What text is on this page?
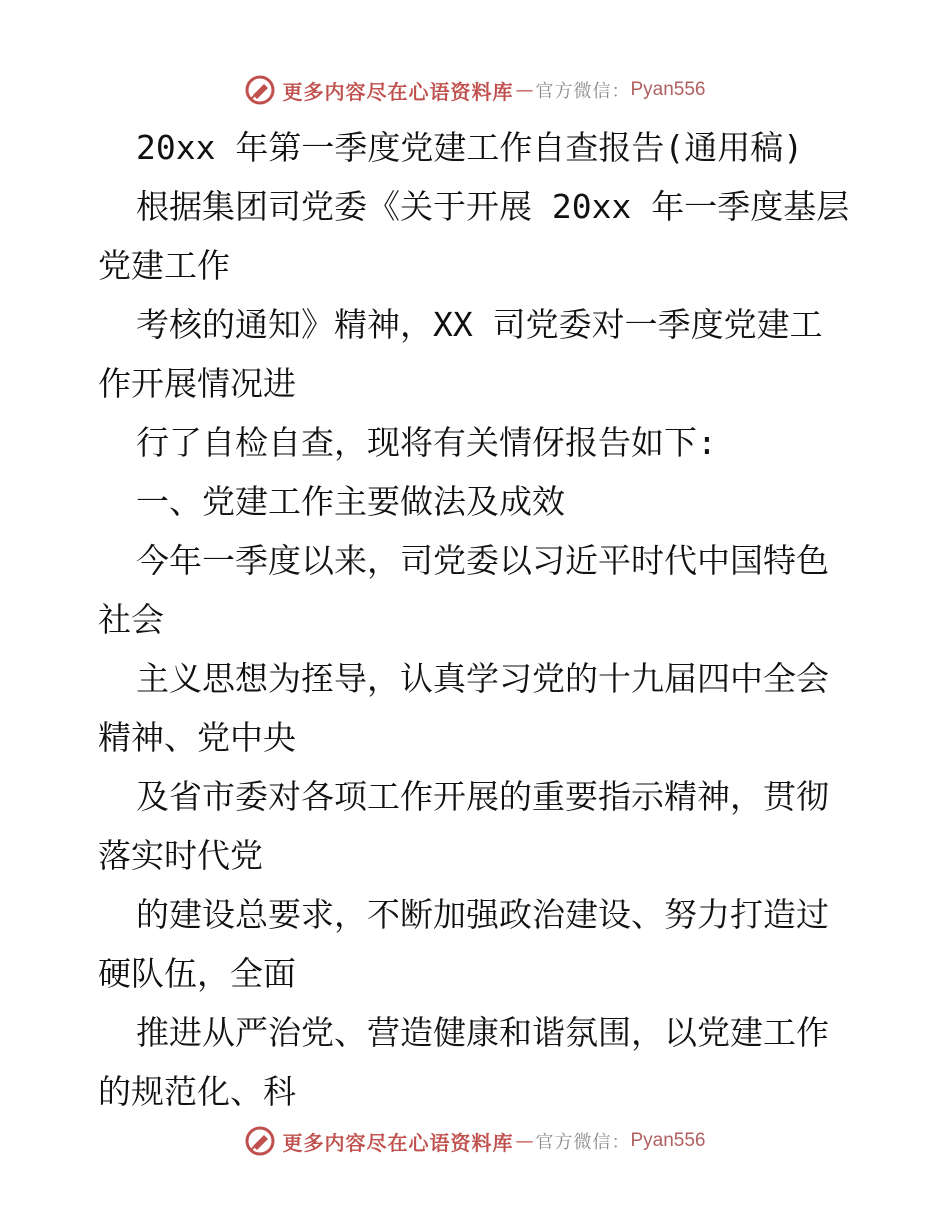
更多内容尽在心语资料库 — 官方微信： Pyan556
20xx 年第一季度党建工作自查报告(通用稿)
根据集团司党委《关于开展 20xx 年一季度基层
党建工作
考核的通知》精神，XX 司党委对一季度党建工
作开展情况进
行了自检自查，现将有关情伢报告如下:
一、党建工作主要做法及成效
今年一季度以来，司党委以习近平时代中国特色
社会
主义思想为挃导，认真学习党的十九届四中全会
精神、党中央
及省市委对各项工作开展的重要指示精神，贯彻
落实时代党
的建设总要求，不断加强政治建设、努力打造过
硬队伍，全面
推进从严治党、营造健康和谐氛围，以党建工作
的规范化、科
更多内容尽在心语资料库 — 官方微信： Pyan556
